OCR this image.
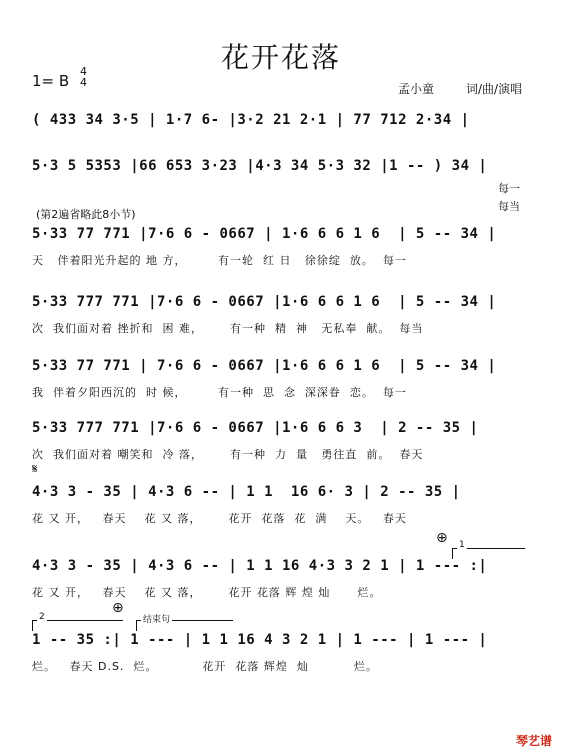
花开花落
1= B
4
4	孟小童	词/曲/演唱
( 433 34 3·5 | 1·7 6- |3·2 21 2·1 | 77 712 2·34 |
5·3 5 5353 |66 653 3·23 |4·3 34 5·3 32 |1 -- ) 34 |
每一
每当
(第2遍省略此8小节)
5·33 77 771 |7·6 6 - 0667 | 1·6 6 6 1 6  | 5 -- 34 |
天   伴着阳光升起的 地 方，       有一轮  红 日   徐徐绽  放。  每一
5·33 777 771 |7·6 6 - 0667 |1·6 6 6 1 6  | 5 -- 34 |
次  我们面对着 挫折和  困 难，      有一种  精  神   无私奉  献。  每当
5·33 77 771 | 7·6 6 - 0667 |1·6 6 6 1 6  | 5 -- 34 |
我  伴着夕阳西沉的  时 候，       有一种  思  念  深深眷  恋。  每一
5·33 777 771 |7·6 6 - 0667 |1·6 6 6 3  | 2 -- 35 |
次  我们面对着 嘲笑和  冷 落，      有一种  力  量   勇往直  前。  春天
𝄋
4·3 3 - 35 | 4·3 6 -- | 1 1  16 6· 3 | 2 -- 35 |
花 又 开，   春天    花 又 落，      花开  花落  花  满    天。   春天
⊕ 1
4·3 3 - 35 | 4·3 6 -- | 1 1 16 4·3 3 2 1 | 1 --- :|
花 又 开，   春天    花 又 落，      花开 花落 辉 煌 灿      烂。
⊕
2	结束句
1 -- 35 :| 1 --- | 1 1 16 4 3 2 1 | 1 --- | 1 --- |
烂。   春天 D.S.  烂。          花开  花落 辉煌  灿          烂。
琴艺谱
